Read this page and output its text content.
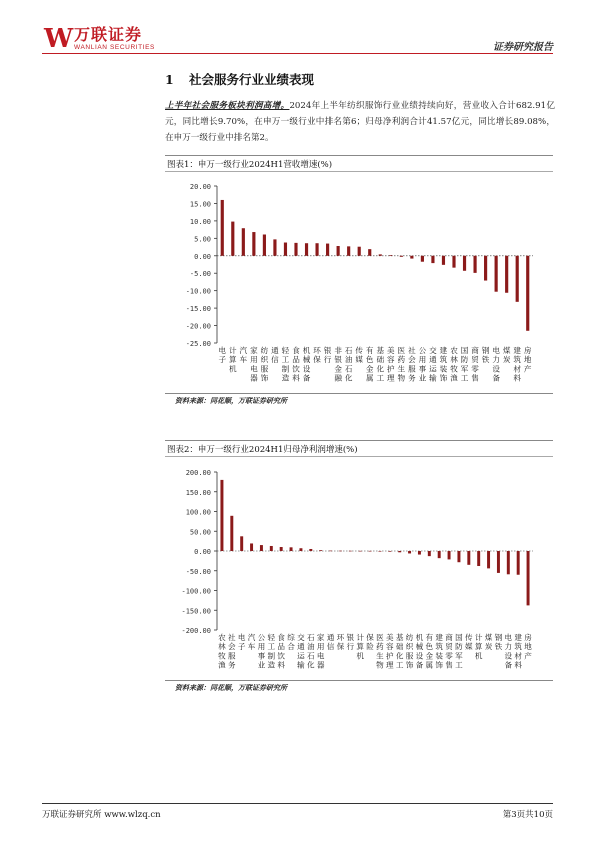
W 万联证券
WANLIAN SECURITIES	证券研究报告
1 社会服务行业业绩表现
上半年社会服务板块利润高增。2024年上半年纺织服饰行业业绩持续向好，营业收入合计682.91亿元，同比增长9.70%，在申万一级行业中排名第6；归母净利润合计41.57亿元，同比增长89.08%，在申万一级行业中排名第2。
图表1：申万一级行业2024H1营收增速(%)
20.00
15.00
10.00
5.00
0.00
-5.00
-10.00
-15.00
-20.00
-25.00
电子
计算机
汽车
家用电器
纺织服饰
通信
轻工制造
食品饮料
机械设备
环保
银行
非银金融
石油石化
传媒
有色金属
基础化工
美容护理
医药生物
社会服务
公用事业
交通运输
建筑装饰
农林牧渔
国防军工
商贸零售
钢铁
电力设备
煤炭
建筑材料
房地产
资料来源：同花顺，万联证券研究所
图表2：申万一级行业2024H1归母净利润增速(%)
200.00
150.00
100.00
50.00
0.00
-50.00
-100.00
-150.00
-200.00
农林牧渔
社会服务
电子
汽车
公用事业
轻工制造
食品饮料
综合
交通运输
石油石化
家用电器
通信
环保
银行
计算机
保险
医药生物
美容护理
基础化工
纺织服饰
机械设备
有色金属
建筑装饰
商贸零售
国防军工
传媒
计算机
煤炭
钢铁
电力设备
建筑材料
房地产
资料来源：同花顺，万联证券研究所
万联证券研究所 www.wlzq.cn	第3页共10页
